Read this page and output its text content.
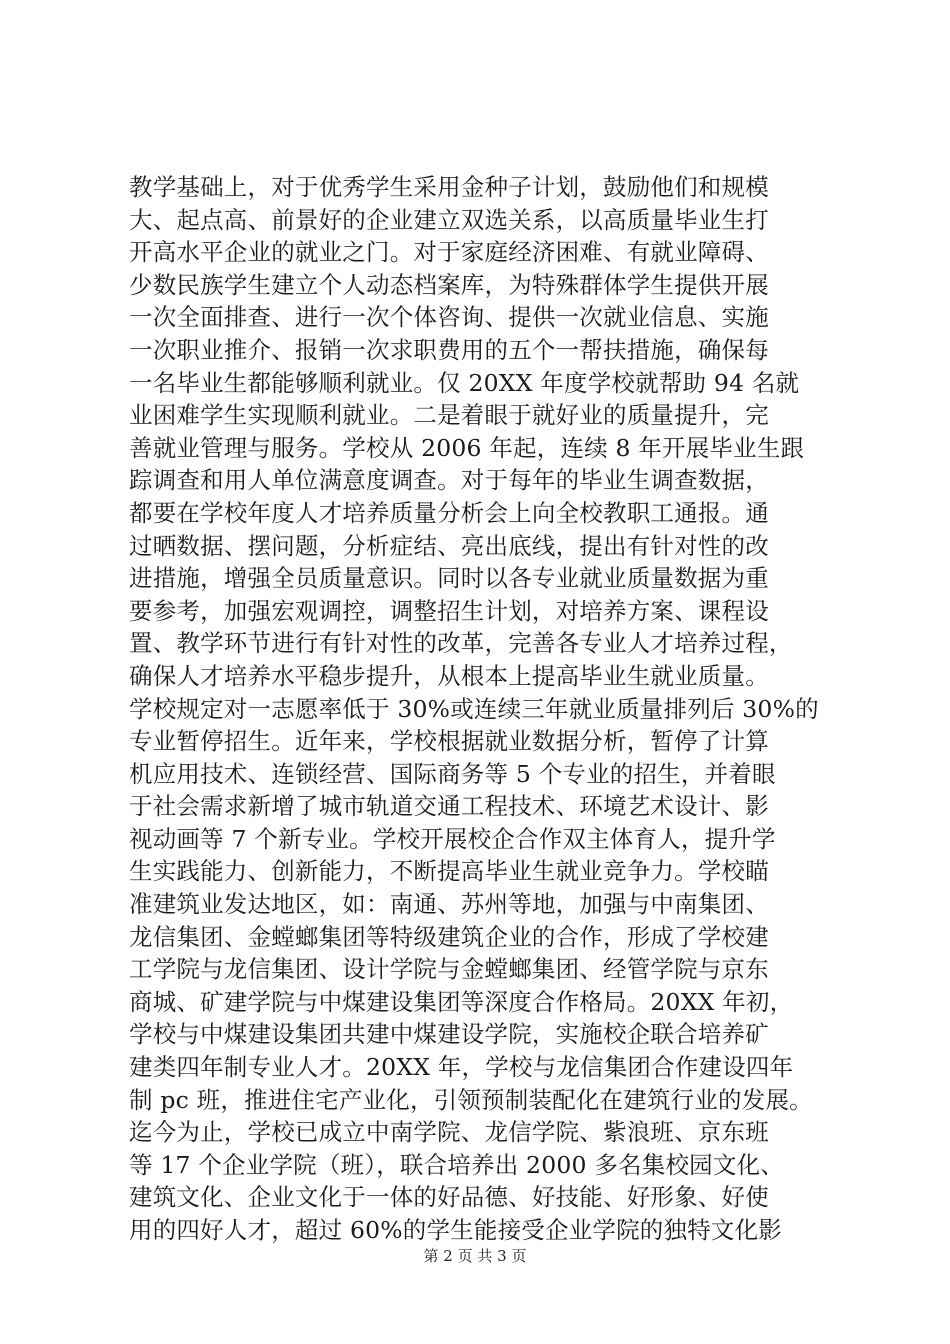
教学基础上，对于优秀学生采用金种子计划，鼓励他们和规模
大、起点高、前景好的企业建立双选关系，以高质量毕业生打
开高水平企业的就业之门。对于家庭经济困难、有就业障碍、
少数民族学生建立个人动态档案库，为特殊群体学生提供开展
一次全面排查、进行一次个体咨询、提供一次就业信息、实施
一次职业推介、报销一次求职费用的五个一帮扶措施，确保每
一名毕业生都能够顺利就业。仅 20XX 年度学校就帮助 94 名就
业困难学生实现顺利就业。二是着眼于就好业的质量提升，完
善就业管理与服务。学校从 2006 年起，连续 8 年开展毕业生跟
踪调查和用人单位满意度调查。对于每年的毕业生调查数据，
都要在学校年度人才培养质量分析会上向全校教职工通报。通
过晒数据、摆问题，分析症结、亮出底线，提出有针对性的改
进措施，增强全员质量意识。同时以各专业就业质量数据为重
要参考，加强宏观调控，调整招生计划，对培养方案、课程设
置、教学环节进行有针对性的改革，完善各专业人才培养过程，
确保人才培养水平稳步提升，从根本上提高毕业生就业质量。
学校规定对一志愿率低于 30%或连续三年就业质量排列后 30%的
专业暂停招生。近年来，学校根据就业数据分析，暂停了计算
机应用技术、连锁经营、国际商务等 5 个专业的招生，并着眼
于社会需求新增了城市轨道交通工程技术、环境艺术设计、影
视动画等 7 个新专业。学校开展校企合作双主体育人，提升学
生实践能力、创新能力，不断提高毕业生就业竞争力。学校瞄
准建筑业发达地区，如：南通、苏州等地，加强与中南集团、
龙信集团、金螳螂集团等特级建筑企业的合作，形成了学校建
工学院与龙信集团、设计学院与金螳螂集团、经管学院与京东
商城、矿建学院与中煤建设集团等深度合作格局。20XX 年初，
学校与中煤建设集团共建中煤建设学院，实施校企联合培养矿
建类四年制专业人才。20XX 年，学校与龙信集团合作建设四年
制 pc 班，推进住宅产业化，引领预制装配化在建筑行业的发展。
迄今为止，学校已成立中南学院、龙信学院、紫浪班、京东班
等 17 个企业学院（班），联合培养出 2000 多名集校园文化、
建筑文化、企业文化于一体的好品德、好技能、好形象、好使
用的四好人才，超过 60%的学生能接受企业学院的独特文化影
第 2 页 共 3 页
